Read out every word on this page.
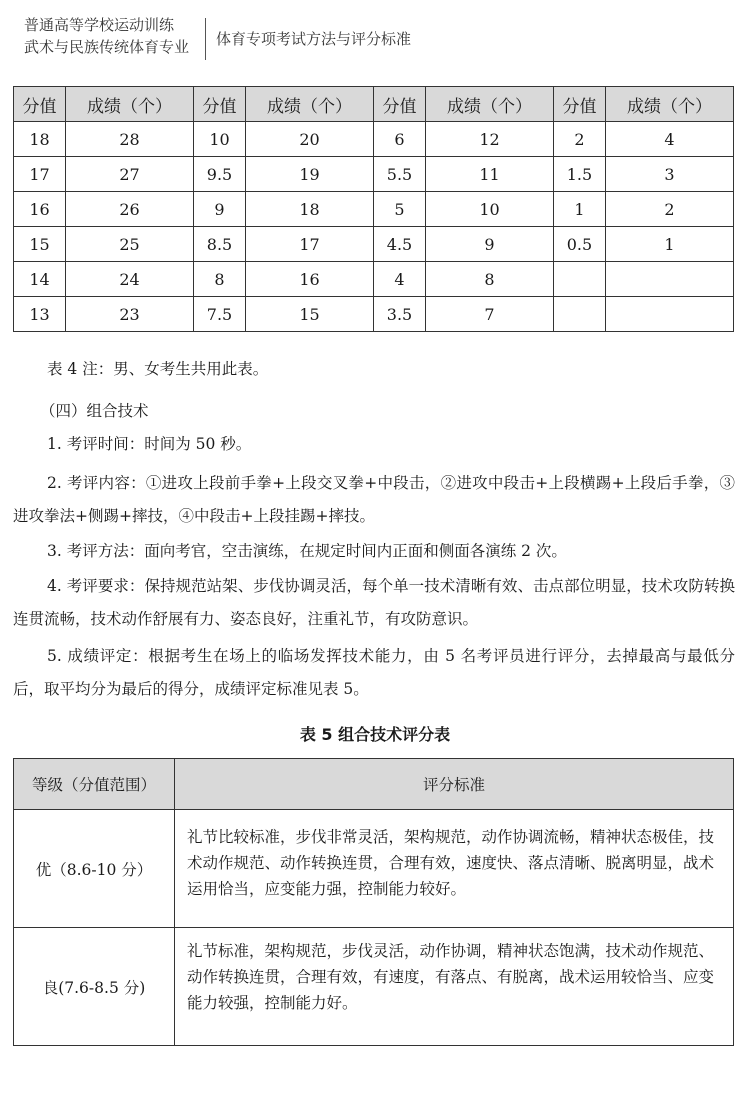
普通高等学校运动训练
武术与民族传统体育专业 体育专项考试方法与评分标准
分值	成绩（个）	分值	成绩（个）	分值	成绩（个）	分值	成绩（个）
18	28	10	20	6	12	2	4
17	27	9.5	19	5.5	11	1.5	3
16	26	9	18	5	10	1	2
15	25	8.5	17	4.5	9	0.5	1
14	24	8	16	4	8		
13	23	7.5	15	3.5	7		
表 4 注：男、女考生共用此表。
（四）组合技术
1. 考评时间：时间为 50 秒。
2. 考评内容：①进攻上段前手拳+上段交叉拳+中段击，②进攻中段击+上段横踢+上段后手拳，③进攻拳法+侧踢+摔技，④中段击+上段挂踢+摔技。
3. 考评方法：面向考官，空击演练，在规定时间内正面和侧面各演练 2 次。
4. 考评要求：保持规范站架、步伐协调灵活，每个单一技术清晰有效、击点部位明显，技术攻防转换连贯流畅，技术动作舒展有力、姿态良好，注重礼节，有攻防意识。
5. 成绩评定：根据考生在场上的临场发挥技术能力，由 5 名考评员进行评分，去掉最高与最低分后，取平均分为最后的得分，成绩评定标准见表 5。
表 5 组合技术评分表
等级（分值范围）	评分标准
优（8.6-10 分）	礼节比较标准，步伐非常灵活，架构规范，动作协调流畅，精神状态极佳，技术动作规范、动作转换连贯，合理有效，速度快、落点清晰、脱离明显，战术运用恰当，应变能力强，控制能力较好。
良(7.6-8.5 分)	礼节标准，架构规范，步伐灵活，动作协调，精神状态饱满，技术动作规范、动作转换连贯，合理有效，有速度，有落点、有脱离，战术运用较恰当、应变能力较强，控制能力好。
